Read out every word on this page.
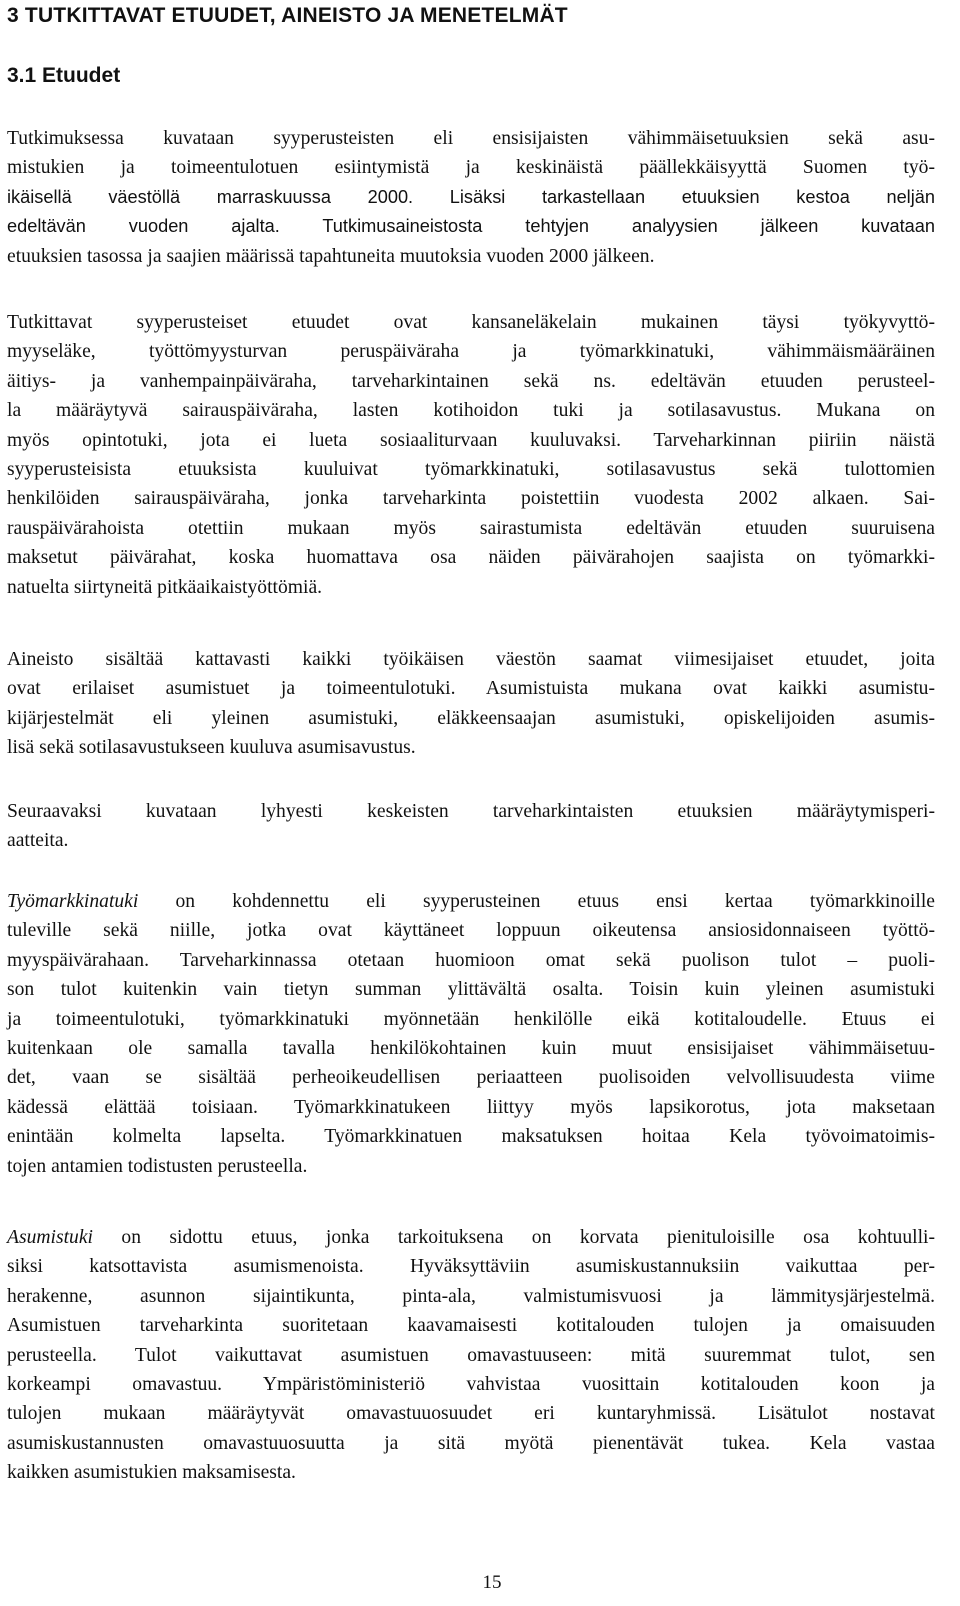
3 TUTKITTAVAT ETUUDET, AINEISTO JA MENETELMÄT
3.1 Etuudet
Tutkimuksessa kuvataan syyperusteisten eli ensisijaisten vähimmäisetuuksien sekä asu-
mistukien ja toimeentulotuen esiintymistä ja keskinäistä päällekkäisyyttä Suomen työ-
ikäisellä väestöllä marraskuussa 2000. Lisäksi tarkastellaan etuuksien kestoa neljän
edeltävän vuoden ajalta. Tutkimusaineistosta tehtyjen analyysien jälkeen kuvataan
etuuksien tasossa ja saajien määrissä tapahtuneita muutoksia vuoden 2000 jälkeen.
Tutkittavat syyperusteiset etuudet ovat kansaneläkelain mukainen täysi työkyvyttö-
myyseläke, työttömyysturvan peruspäiväraha ja työmarkkinatuki, vähimmäismääräinen
äitiys- ja vanhempainpäiväraha, tarveharkintainen sekä ns. edeltävän etuuden perusteel-
la määräytyvä sairauspäiväraha, lasten kotihoidon tuki ja sotilasavustus. Mukana on
myös opintotuki, jota ei lueta sosiaaliturvaan kuuluvaksi. Tarveharkinnan piiriin näistä
syyperusteisista etuuksista kuuluivat työmarkkinatuki, sotilasavustus sekä tulottomien
henkilöiden sairauspäiväraha, jonka tarveharkinta poistettiin vuodesta 2002 alkaen. Sai-
rauspäivärahoista otettiin mukaan myös sairastumista edeltävän etuuden suuruisena
maksetut päivärahat, koska huomattava osa näiden päivärahojen saajista on työmarkki-
natuelta siirtyneitä pitkäaikaistyöttömiä.
Aineisto sisältää kattavasti kaikki työikäisen väestön saamat viimesijaiset etuudet, joita
ovat erilaiset asumistuet ja toimeentulotuki. Asumistuista mukana ovat kaikki asumistu-
kijärjestelmät eli yleinen asumistuki, eläkkeensaajan asumistuki, opiskelijoiden asumis-
lisä sekä sotilasavustukseen kuuluva asumisavustus.
Seuraavaksi kuvataan lyhyesti keskeisten tarveharkintaisten etuuksien määräytymisperi-
aatteita.
Työmarkkinatuki on kohdennettu eli syyperusteinen etuus ensi kertaa työmarkkinoille
tuleville sekä niille, jotka ovat käyttäneet loppuun oikeutensa ansiosidonnaiseen työttö-
myyspäivärahaan. Tarveharkinnassa otetaan huomioon omat sekä puolison tulot – puoli-
son tulot kuitenkin vain tietyn summan ylittävältä osalta. Toisin kuin yleinen asumistuki
ja toimeentulotuki, työmarkkinatuki myönnetään henkilölle eikä kotitaloudelle. Etuus ei
kuitenkaan ole samalla tavalla henkilökohtainen kuin muut ensisijaiset vähimmäisetuu-
det, vaan se sisältää perheoikeudellisen periaatteen puolisoiden velvollisuudesta viime
kädessä elättää toisiaan. Työmarkkinatukeen liittyy myös lapsikorotus, jota maksetaan
enintään kolmelta lapselta. Työmarkkinatuen maksatuksen hoitaa Kela työvoimatoimis-
tojen antamien todistusten perusteella.
Asumistuki on sidottu etuus, jonka tarkoituksena on korvata pienituloisille osa kohtuulli-
siksi katsottavista asumismenoista. Hyväksyttäviin asumiskustannuksiin vaikuttaa per-
herakenne, asunnon sijaintikunta, pinta-ala, valmistumisvuosi ja lämmitysjärjestelmä.
Asumistuen tarveharkinta suoritetaan kaavamaisesti kotitalouden tulojen ja omaisuuden
perusteella. Tulot vaikuttavat asumistuen omavastuuseen: mitä suuremmat tulot, sen
korkeampi omavastuu. Ympäristöministeriö vahvistaa vuosittain kotitalouden koon ja
tulojen mukaan määräytyvät omavastuuosuudet eri kuntaryhmissä. Lisätulot nostavat
asumiskustannusten omavastuuosuutta ja sitä myötä pienentävät tukea. Kela vastaa
kaikken asumistukien maksamisesta.
15
